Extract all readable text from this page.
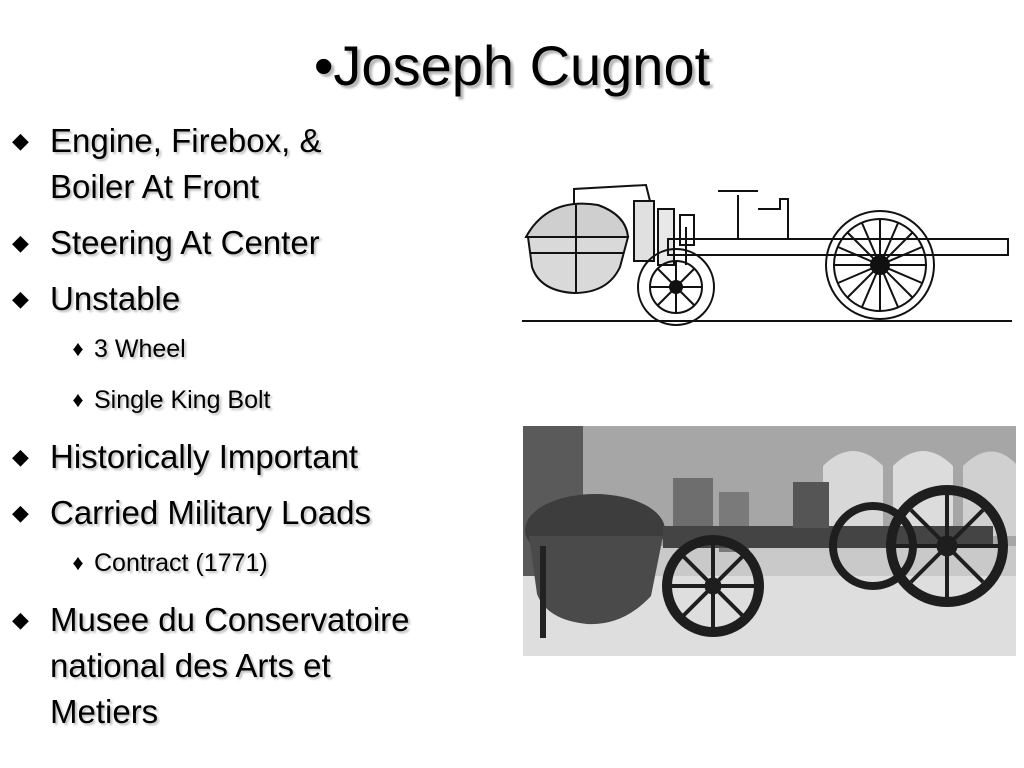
•Joseph Cugnot
◆ Engine, Firebox, &
Boiler At Front
◆ Steering At Center
◆ Unstable
♦ 3 Wheel
♦ Single King Bolt
◆ Historically Important
◆ Carried Military Loads
♦ Contract (1771)
◆ Musee du Conservatoire
national des Arts et
Metiers
